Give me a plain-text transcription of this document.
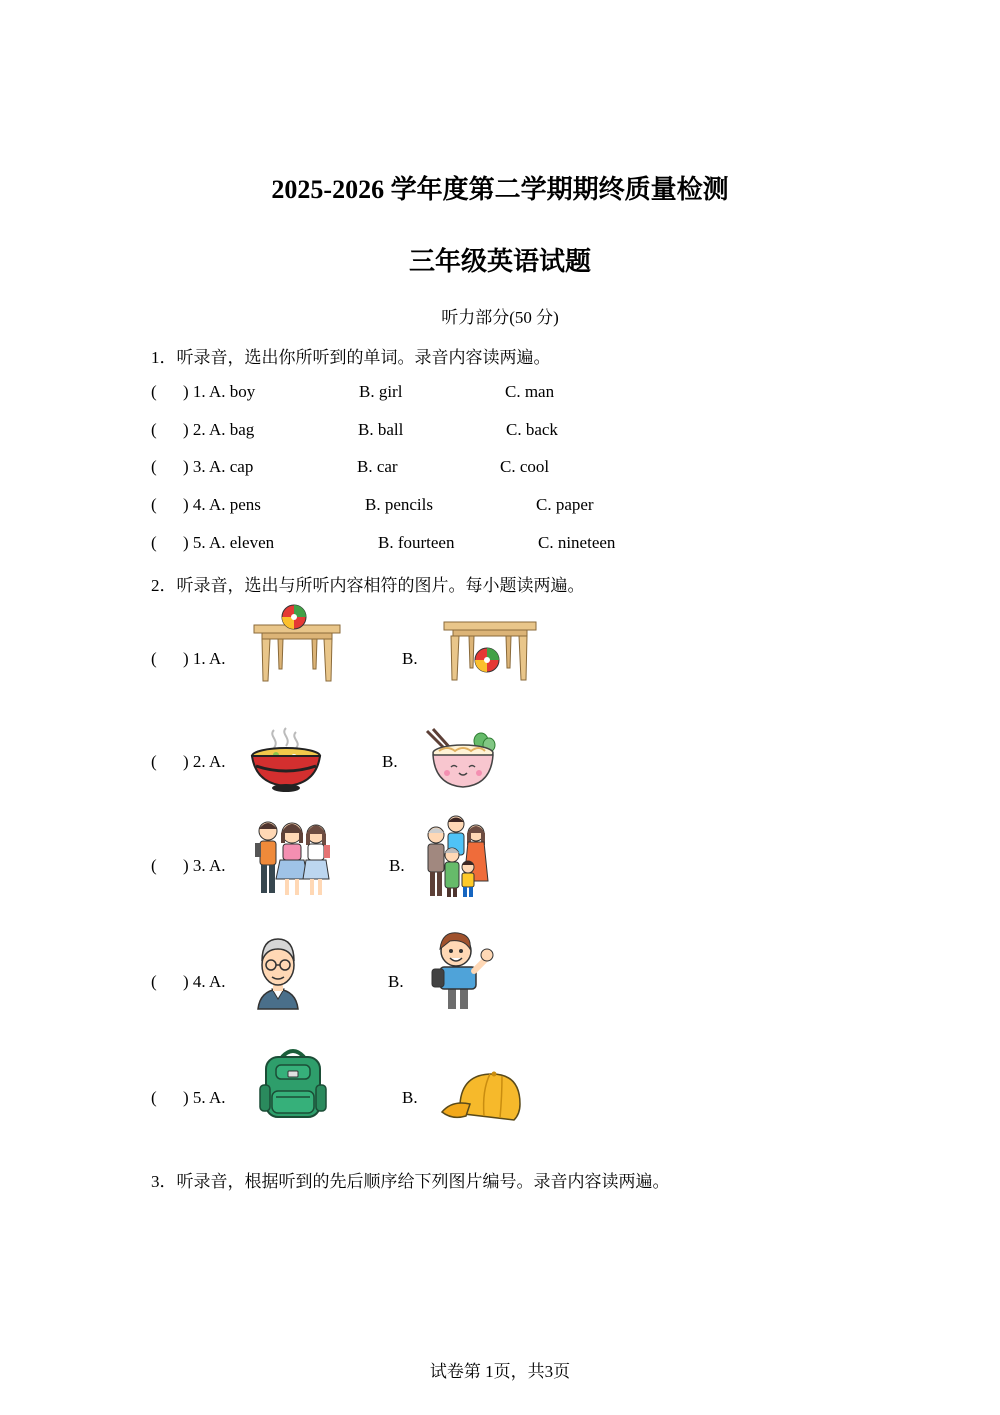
2025-2026 学年度第二学期期终质量检测
三年级英语试题
听力部分(50 分)
1．听录音，选出你所听到的单词。录音内容读两遍。
( ) 1. A. boy	B. girl	C. man
( ) 2. A. bag	B. ball	C. back
( ) 3. A. cap	B. car	C. cool
( ) 4. A. pens	B. pencils	C. paper
( ) 5. A. eleven	B. fourteen	C. nineteen
2．听录音，选出与所听内容相符的图片。每小题读两遍。
( ) 1. A.	B.
( ) 2. A.	B.
( ) 3. A.	B.
( ) 4. A.	B.
( ) 5. A.	B.
3．听录音，根据听到的先后顺序给下列图片编号。录音内容读两遍。
试卷第 1页，共3页
